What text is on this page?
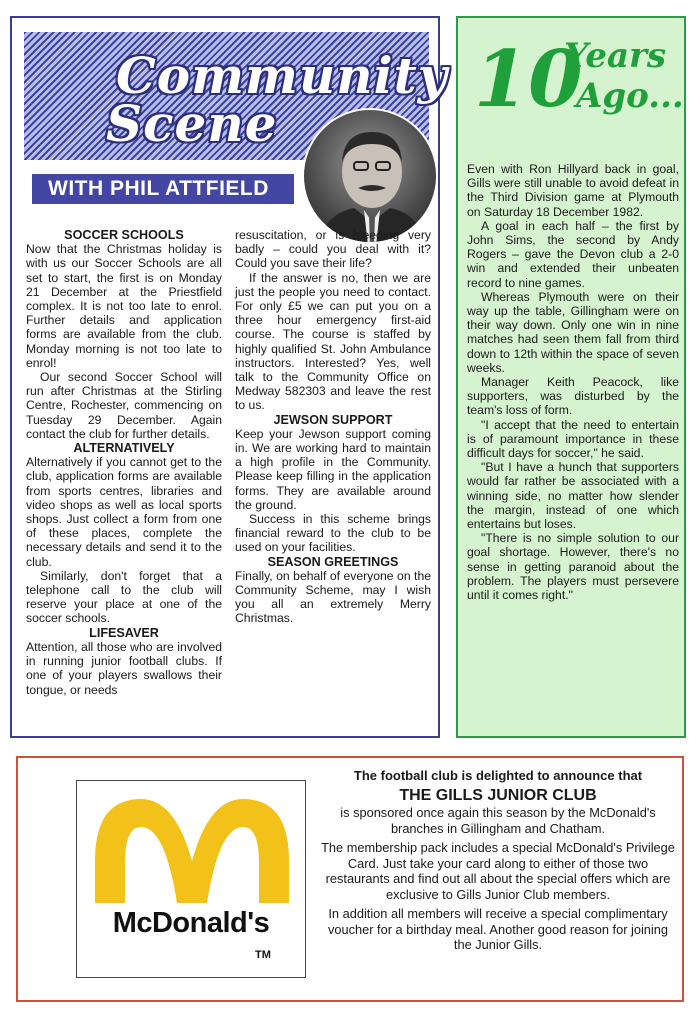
Community
Scene
WITH PHIL ATTFIELD
SOCCER SCHOOLS

Now that the Christmas holiday is with us our Soccer Schools are all set to start, the first is on Monday 21 December at the Priestfield complex. It is not too late to enrol. Further details and application forms are available from the club. Monday morning is not too late to enrol!

Our second Soccer School will run after Christmas at the Stirling Centre, Rochester, commencing on Tuesday 29 December. Again contact the club for further details.

ALTERNATIVELY

Alternatively if you cannot get to the club, application forms are available from sports centres, libraries and video shops as well as local sports shops. Just collect a form from one of these places, complete the necessary details and send it to the club.

Similarly, don't forget that a telephone call to the club will reserve your place at one of the soccer schools.

LIFESAVER

Attention, all those who are involved in running junior football clubs. If one of your players swallows their tongue, or needs

resuscitation, or is bleeding very badly – could you deal with it? Could you save their life?

If the answer is no, then we are just the people you need to contact. For only £5 we can put you on a three hour emergency first-aid course. The course is staffed by highly qualified St. John Ambulance instructors. Interested? Yes, well talk to the Community Office on Medway 582303 and leave the rest to us.

JEWSON SUPPORT

Keep your Jewson support coming in. We are working hard to maintain a high profile in the Community. Please keep filling in the application forms. They are available around the ground.

Success in this scheme brings financial reward to the club to be used on your facilities.

SEASON GREETINGS

Finally, on behalf of everyone on the Community Scheme, may I wish you all an extremely Merry Christmas.

10
Years
Ago...

Even with Ron Hillyard back in goal, Gills were still unable to avoid defeat in the Third Division game at Plymouth on Saturday 18 December 1982.

A goal in each half – the first by John Sims, the second by Andy Rogers – gave the Devon club a 2-0 win and extended their unbeaten record to nine games.

Whereas Plymouth were on their way up the table, Gillingham were on their way down. Only one win in nine matches had seen them fall from third down to 12th within the space of seven weeks.

Manager Keith Peacock, like supporters, was disturbed by the team's loss of form.

"I accept that the need to entertain is of paramount importance in these difficult days for soccer," he said.

"But I have a hunch that supporters would far rather be associated with a winning side, no matter how slender the margin, instead of one which entertains but loses.

"There is no simple solution to our goal shortage. However, there's no sense in getting paranoid about the problem. The players must persevere until it comes right."

McDonald's
TM

The football club is delighted to announce that

THE GILLS JUNIOR CLUB

is sponsored once again this season by the McDonald's branches in Gillingham and Chatham.

The membership pack includes a special McDonald's Privilege Card. Just take your card along to either of those two restaurants and find out all about the special offers which are exclusive to Gills Junior Club members.

In addition all members will receive a special complimentary voucher for a birthday meal. Another good reason for joining the Junior Gills.
